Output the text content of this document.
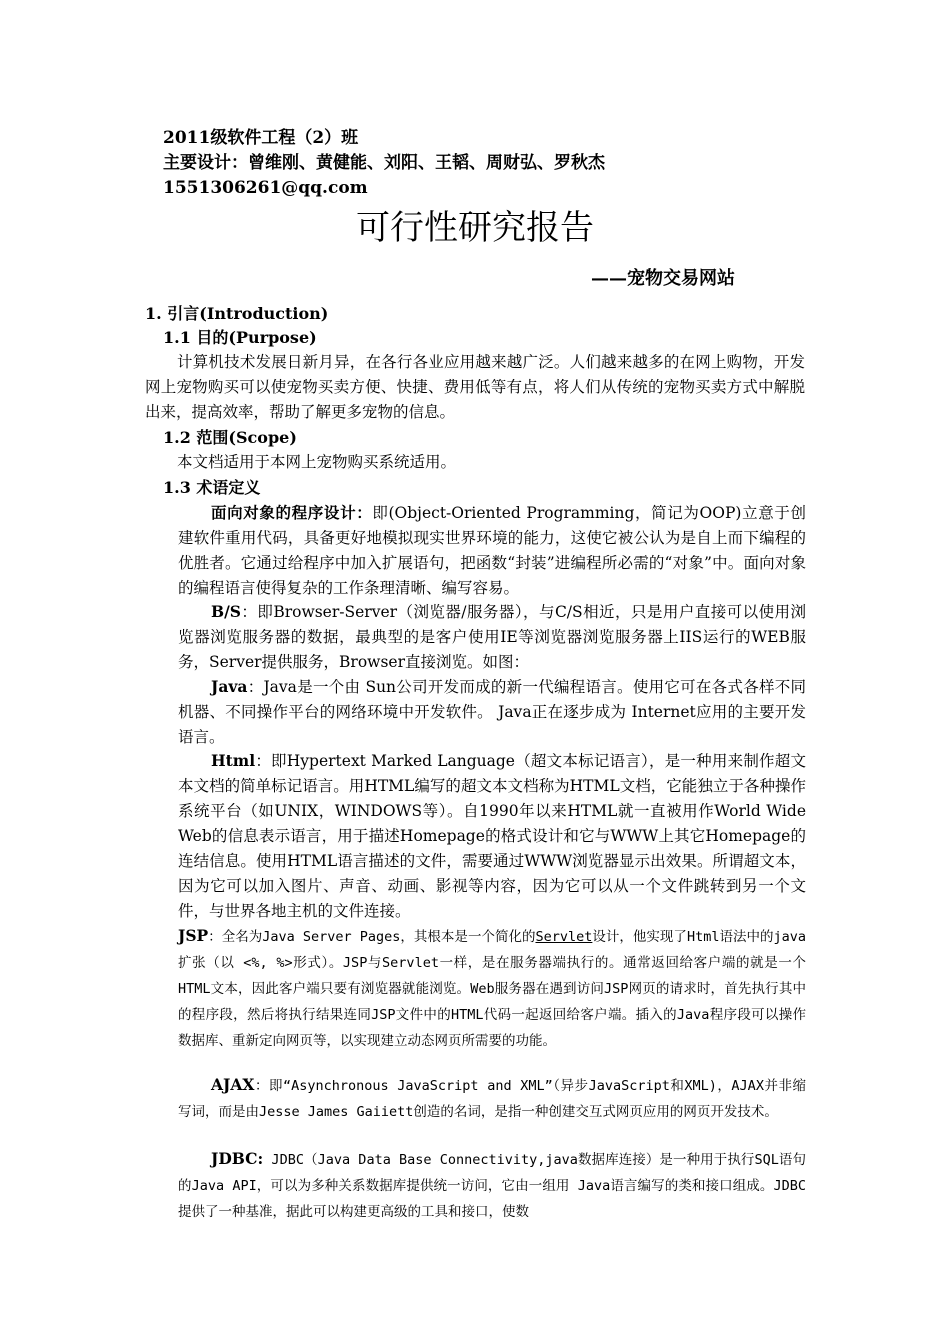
2011级软件工程（2）班
主要设计：曾维刚、黄健能、刘阳、王韬、周财弘、罗秋杰
1551306261@qq.com
可行性研究报告
——宠物交易网站
1. 引言(Introduction)
1.1 目的(Purpose)
计算机技术发展日新月异，在各行各业应用越来越广泛。人们越来越多的在网上购物，开发网上宠物购买可以使宠物买卖方便、快捷、费用低等有点，将人们从传统的宠物买卖方式中解脱出来，提高效率，帮助了解更多宠物的信息。
1.2 范围(Scope)
本文档适用于本网上宠物购买系统适用。
1.3 术语定义
面向对象的程序设计：即(Object-Oriented Programming，简记为OOP)立意于创建软件重用代码，具备更好地模拟现实世界环境的能力，这使它被公认为是自上而下编程的优胜者。它通过给程序中加入扩展语句，把函数“封装”进编程所必需的“对象”中。面向对象的编程语言使得复杂的工作条理清晰、编写容易。
B/S：即Browser-Server（浏览器/服务器），与C/S相近，只是用户直接可以使用浏览器浏览服务器的数据，最典型的是客户使用IE等浏览器浏览服务器上IIS运行的WEB服务，Server提供服务，Browser直接浏览。如图：
Java：Java是一个由 Sun公司开发而成的新一代编程语言。使用它可在各式各样不同机器、不同操作平台的网络环境中开发软件。 Java正在逐步成为 Internet应用的主要开发语言。
Html：即Hypertext Marked Language（超文本标记语言），是一种用来制作超文本文档的简单标记语言。用HTML编写的超文本文档称为HTML文档，它能独立于各种操作系统平台（如UNIX，WINDOWS等）。自1990年以来HTML就一直被用作World Wide Web的信息表示语言，用于描述Homepage的格式设计和它与WWW上其它Homepage的连结信息。使用HTML语言描述的文件，需要通过WWW浏览器显示出效果。所谓超文本，因为它可以加入图片、声音、动画、影视等内容，因为它可以从一个文件跳转到另一个文件，与世界各地主机的文件连接。
JSP：全名为Java Server Pages，其根本是一个简化的Servlet设计，他实现了Html语法中的java扩张（以 <%, %>形式）。JSP与Servlet一样，是在服务器端执行的。通常返回给客户端的就是一个HTML文本，因此客户端只要有浏览器就能浏览。Web服务器在遇到访问JSP网页的请求时，首先执行其中的程序段，然后将执行结果连同JSP文件中的HTML代码一起返回给客户端。插入的Java程序段可以操作数据库、重新定向网页等，以实现建立动态网页所需要的功能。
AJAX：即“Asynchronous JavaScript and XML”（异步JavaScript和XML)，AJAX并非缩写词，而是由Jesse James Gaiiett创造的名词，是指一种创建交互式网页应用的网页开发技术。
JDBC: JDBC（Java Data Base Connectivity,java数据库连接）是一种用于执行SQL语句的Java API，可以为多种关系数据库提供统一访问，它由一组用 Java语言编写的类和接口组成。JDBC提供了一种基准，据此可以构建更高级的工具和接口，使数
